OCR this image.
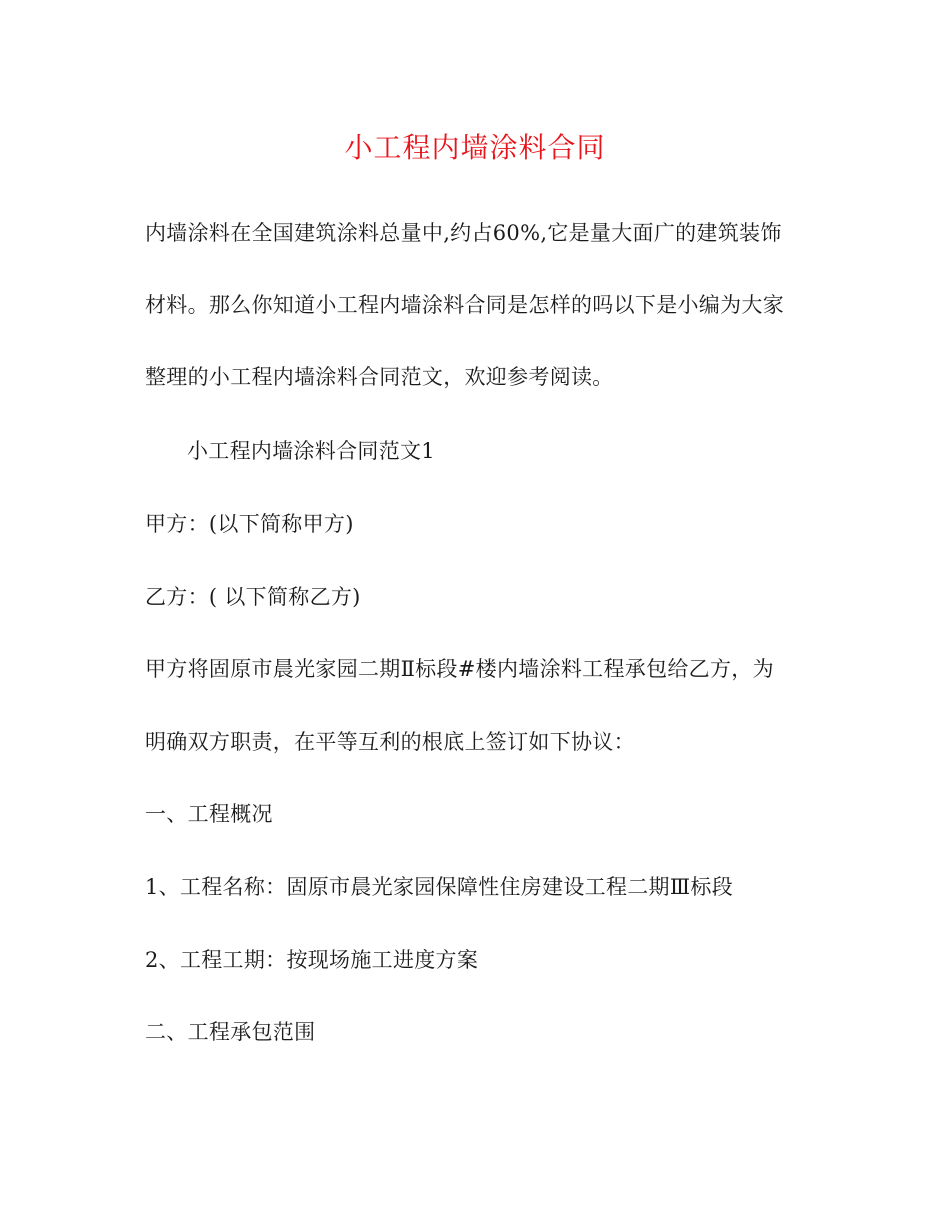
小工程内墙涂料合同
内墙涂料在全国建筑涂料总量中,约占60%,它是量大面广的建筑装饰
材料。那么你知道小工程内墙涂料合同是怎样的吗以下是小编为大家
整理的小工程内墙涂料合同范文，欢迎参考阅读。
小工程内墙涂料合同范文1
甲方：(以下简称甲方)
乙方：( 以下简称乙方)
甲方将固原市晨光家园二期Ⅱ标段#楼内墙涂料工程承包给乙方，为
明确双方职责，在平等互利的根底上签订如下协议：
一、工程概况
1、工程名称：固原市晨光家园保障性住房建设工程二期Ⅲ标段
2、工程工期：按现场施工进度方案
二、工程承包范围
